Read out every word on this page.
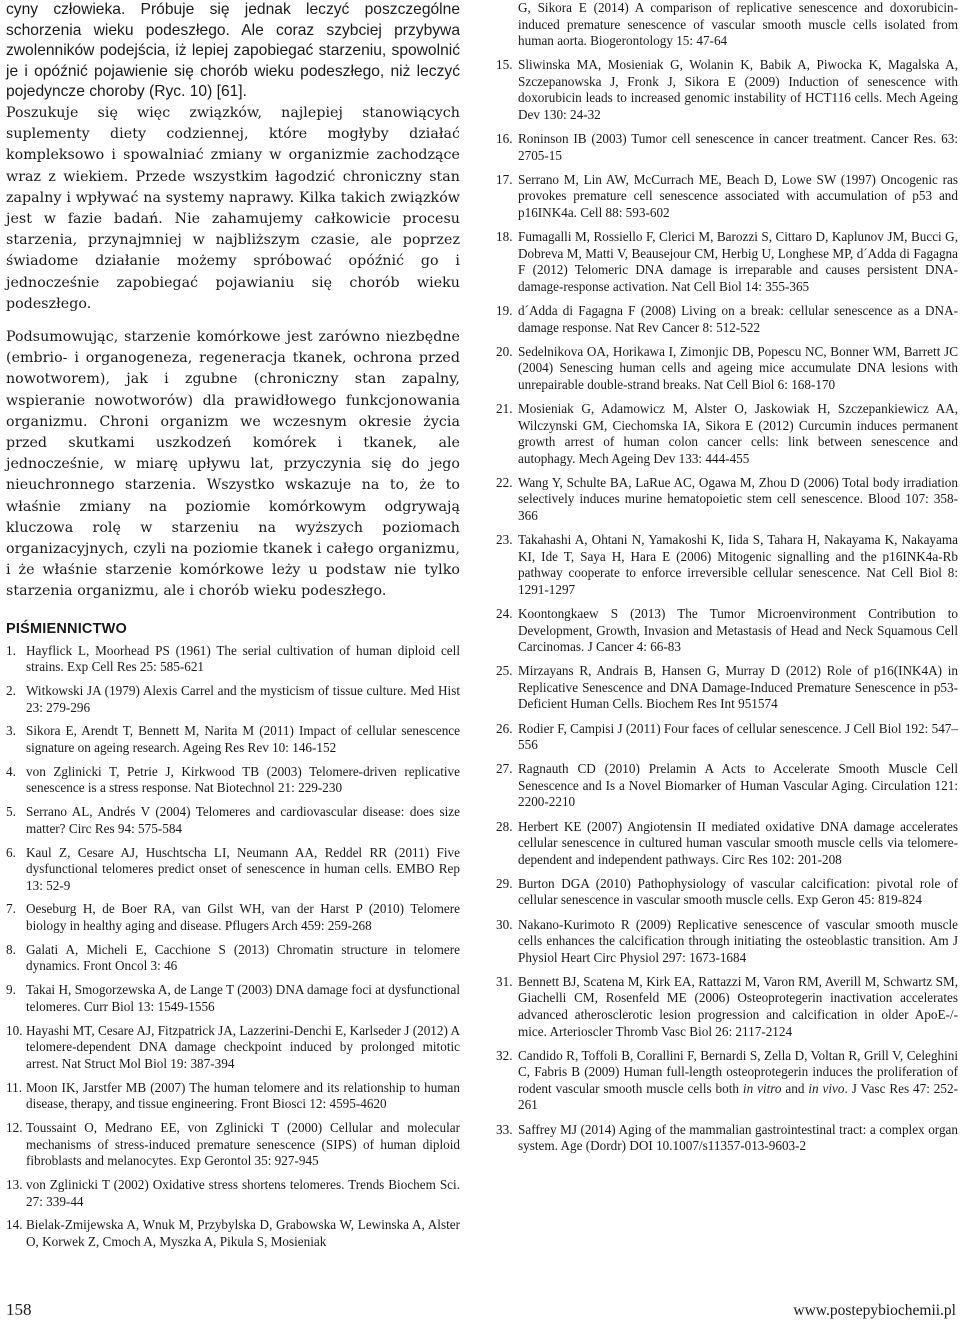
cyny człowieka. Próbuje się jednak leczyć poszczególne schorzenia wieku podeszłego. Ale coraz szybciej przybywa zwolenników podejścia, iż lepiej zapobiegać starzeniu, spowolnić je i opóźnić pojawienie się chorób wieku podeszłego, niż leczyć pojedyncze choroby (Ryc. 10) [61].

Poszukuje się więc związków, najlepiej stanowiących suplementy diety codziennej, które mogłyby działać kompleksowo i spowalniać zmiany w organizmie zachodzące wraz z wiekiem. Przede wszystkim łagodzić chroniczny stan zapalny i wpływać na systemy naprawy. Kilka takich związków jest w fazie badań. Nie zahamujemy całkowicie procesu starzenia, przynajmniej w najbliższym czasie, ale poprzez świadome działanie możemy spróbować opóźnić go i jednocześnie zapobiegać pojawianiu się chorób wieku podeszłego.

Podsumowując, starzenie komórkowe jest zarówno niezbędne (embrio- i organogeneza, regeneracja tkanek, ochrona przed nowotworem), jak i zgubne (chroniczny stan zapalny, wspieranie nowotworów) dla prawidłowego funkcjonowania organizmu. Chroni organizm we wczesnym okresie życia przed skutkami uszkodzeń komórek i tkanek, ale jednocześnie, w miarę upływu lat, przyczynia się do jego nieuchronnego starzenia. Wszystko wskazuje na to, że to właśnie zmiany na poziomie komórkowym odgrywają kluczowa rolę w starzeniu na wyższych poziomach organizacyjnych, czyli na poziomie tkanek i całego organizmu, i że właśnie starzenie komórkowe leży u podstaw nie tylko starzenia organizmu, ale i chorób wieku podeszłego.

PIŚMIENNICTWO
1. Hayflick L, Moorhead PS (1961) The serial cultivation of human diploid cell strains. Exp Cell Res 25: 585-621
2. Witkowski JA (1979) Alexis Carrel and the mysticism of tissue culture. Med Hist 23: 279-296
3. Sikora E, Arendt T, Bennett M, Narita M (2011) Impact of cellular senescence signature on ageing research. Ageing Res Rev 10: 146-152
4. von Zglinicki T, Petrie J, Kirkwood TB (2003) Telomere-driven replicative senescence is a stress response. Nat Biotechnol 21: 229-230
5. Serrano AL, Andrés V (2004) Telomeres and cardiovascular disease: does size matter? Circ Res 94: 575-584
6. Kaul Z, Cesare AJ, Huschtscha LI, Neumann AA, Reddel RR (2011) Five dysfunctional telomeres predict onset of senescence in human cells. EMBO Rep 13: 52-9
7. Oeseburg H, de Boer RA, van Gilst WH, van der Harst P (2010) Telomere biology in healthy aging and disease. Pflugers Arch 459: 259-268
8. Galati A, Micheli E, Cacchione S (2013) Chromatin structure in telomere dynamics. Front Oncol 3: 46
9. Takai H, Smogorzewska A, de Lange T (2003) DNA damage foci at dysfunctional telomeres. Curr Biol 13: 1549-1556
10. Hayashi MT, Cesare AJ, Fitzpatrick JA, Lazzerini-Denchi E, Karlseder J (2012) A telomere-dependent DNA damage checkpoint induced by prolonged mitotic arrest. Nat Struct Mol Biol 19: 387-394
11. Moon IK, Jarstfer MB (2007) The human telomere and its relationship to human disease, therapy, and tissue engineering. Front Biosci 12: 4595-4620
12. Toussaint O, Medrano EE, von Zglinicki T (2000) Cellular and molecular mechanisms of stress-induced premature senescence (SIPS) of human diploid fibroblasts and melanocytes. Exp Gerontol 35: 927-945
13. von Zglinicki T (2002) Oxidative stress shortens telomeres. Trends Biochem Sci. 27: 339-44
14. Bielak-Zmijewska A, Wnuk M, Przybylska D, Grabowska W, Lewinska A, Alster O, Korwek Z, Cmoch A, Myszka A, Pikula S, Mosieniak
G, Sikora E (2014) A comparison of replicative senescence and doxorubicin-induced premature senescence of vascular smooth muscle cells isolated from human aorta. Biogerontology 15: 47-64
15. Sliwinska MA, Mosieniak G, Wolanin K, Babik A, Piwocka K, Magalska A, Szczepanowska J, Fronk J, Sikora E (2009) Induction of senescence with doxorubicin leads to increased genomic instability of HCT116 cells. Mech Ageing Dev 130: 24-32
16. Roninson IB (2003) Tumor cell senescence in cancer treatment. Cancer Res. 63: 2705-15
17. Serrano M, Lin AW, McCurrach ME, Beach D, Lowe SW (1997) Oncogenic ras provokes premature cell senescence associated with accumulation of p53 and p16INK4a. Cell 88: 593-602
18. Fumagalli M, Rossiello F, Clerici M, Barozzi S, Cittaro D, Kaplunov JM, Bucci G, Dobreva M, Matti V, Beausejour CM, Herbig U, Longhese MP, d´Adda di Fagagna F (2012) Telomeric DNA damage is irreparable and causes persistent DNA-damage-response activation. Nat Cell Biol 14: 355-365
19. d´Adda di Fagagna F (2008) Living on a break: cellular senescence as a DNA-damage response. Nat Rev Cancer 8: 512-522
20. Sedelnikova OA, Horikawa I, Zimonjic DB, Popescu NC, Bonner WM, Barrett JC (2004) Senescing human cells and ageing mice accumulate DNA lesions with unrepairable double-strand breaks. Nat Cell Biol 6: 168-170
21. Mosieniak G, Adamowicz M, Alster O, Jaskowiak H, Szczepankiewicz AA, Wilczynski GM, Ciechomska IA, Sikora E (2012) Curcumin induces permanent growth arrest of human colon cancer cells: link between senescence and autophagy. Mech Ageing Dev 133: 444-455
22. Wang Y, Schulte BA, LaRue AC, Ogawa M, Zhou D (2006) Total body irradiation selectively induces murine hematopoietic stem cell senescence. Blood 107: 358-366
23. Takahashi A, Ohtani N, Yamakoshi K, Iida S, Tahara H, Nakayama K, Nakayama KI, Ide T, Saya H, Hara E (2006) Mitogenic signalling and the p16INK4a-Rb pathway cooperate to enforce irreversible cellular senescence. Nat Cell Biol 8: 1291-1297
24. Koontongkaew S (2013) The Tumor Microenvironment Contribution to Development, Growth, Invasion and Metastasis of Head and Neck Squamous Cell Carcinomas. J Cancer 4: 66-83
25. Mirzayans R, Andrais B, Hansen G, Murray D (2012) Role of p16(INK4A) in Replicative Senescence and DNA Damage-Induced Premature Senescence in p53-Deficient Human Cells. Biochem Res Int 951574
26. Rodier F, Campisi J (2011) Four faces of cellular senescence. J Cell Biol 192: 547–556
27. Ragnauth CD (2010) Prelamin A Acts to Accelerate Smooth Muscle Cell Senescence and Is a Novel Biomarker of Human Vascular Aging. Circulation 121: 2200-2210
28. Herbert KE (2007) Angiotensin II mediated oxidative DNA damage accelerates cellular senescence in cultured human vascular smooth muscle cells via telomere-dependent and independent pathways. Circ Res 102: 201-208
29. Burton DGA (2010) Pathophysiology of vascular calcification: pivotal role of cellular senescence in vascular smooth muscle cells. Exp Geron 45: 819-824
30. Nakano-Kurimoto R (2009) Replicative senescence of vascular smooth muscle cells enhances the calcification through initiating the osteoblastic transition. Am J Physiol Heart Circ Physiol 297: 1673-1684
31. Bennett BJ, Scatena M, Kirk EA, Rattazzi M, Varon RM, Averill M, Schwartz SM, Giachelli CM, Rosenfeld ME (2006) Osteoprotegerin inactivation accelerates advanced atherosclerotic lesion progression and calcification in older ApoE-/- mice. Arterioscler Thromb Vasc Biol 26: 2117-2124
32. Candido R, Toffoli B, Corallini F, Bernardi S, Zella D, Voltan R, Grill V, Celeghini C, Fabris B (2009) Human full-length osteoprotegerin induces the proliferation of rodent vascular smooth muscle cells both in vitro and in vivo. J Vasc Res 47: 252-261
33. Saffrey MJ (2014) Aging of the mammalian gastrointestinal tract: a complex organ system. Age (Dordr) DOI 10.1007/s11357-013-9603-2
158	www.postepybiochemii.pl
